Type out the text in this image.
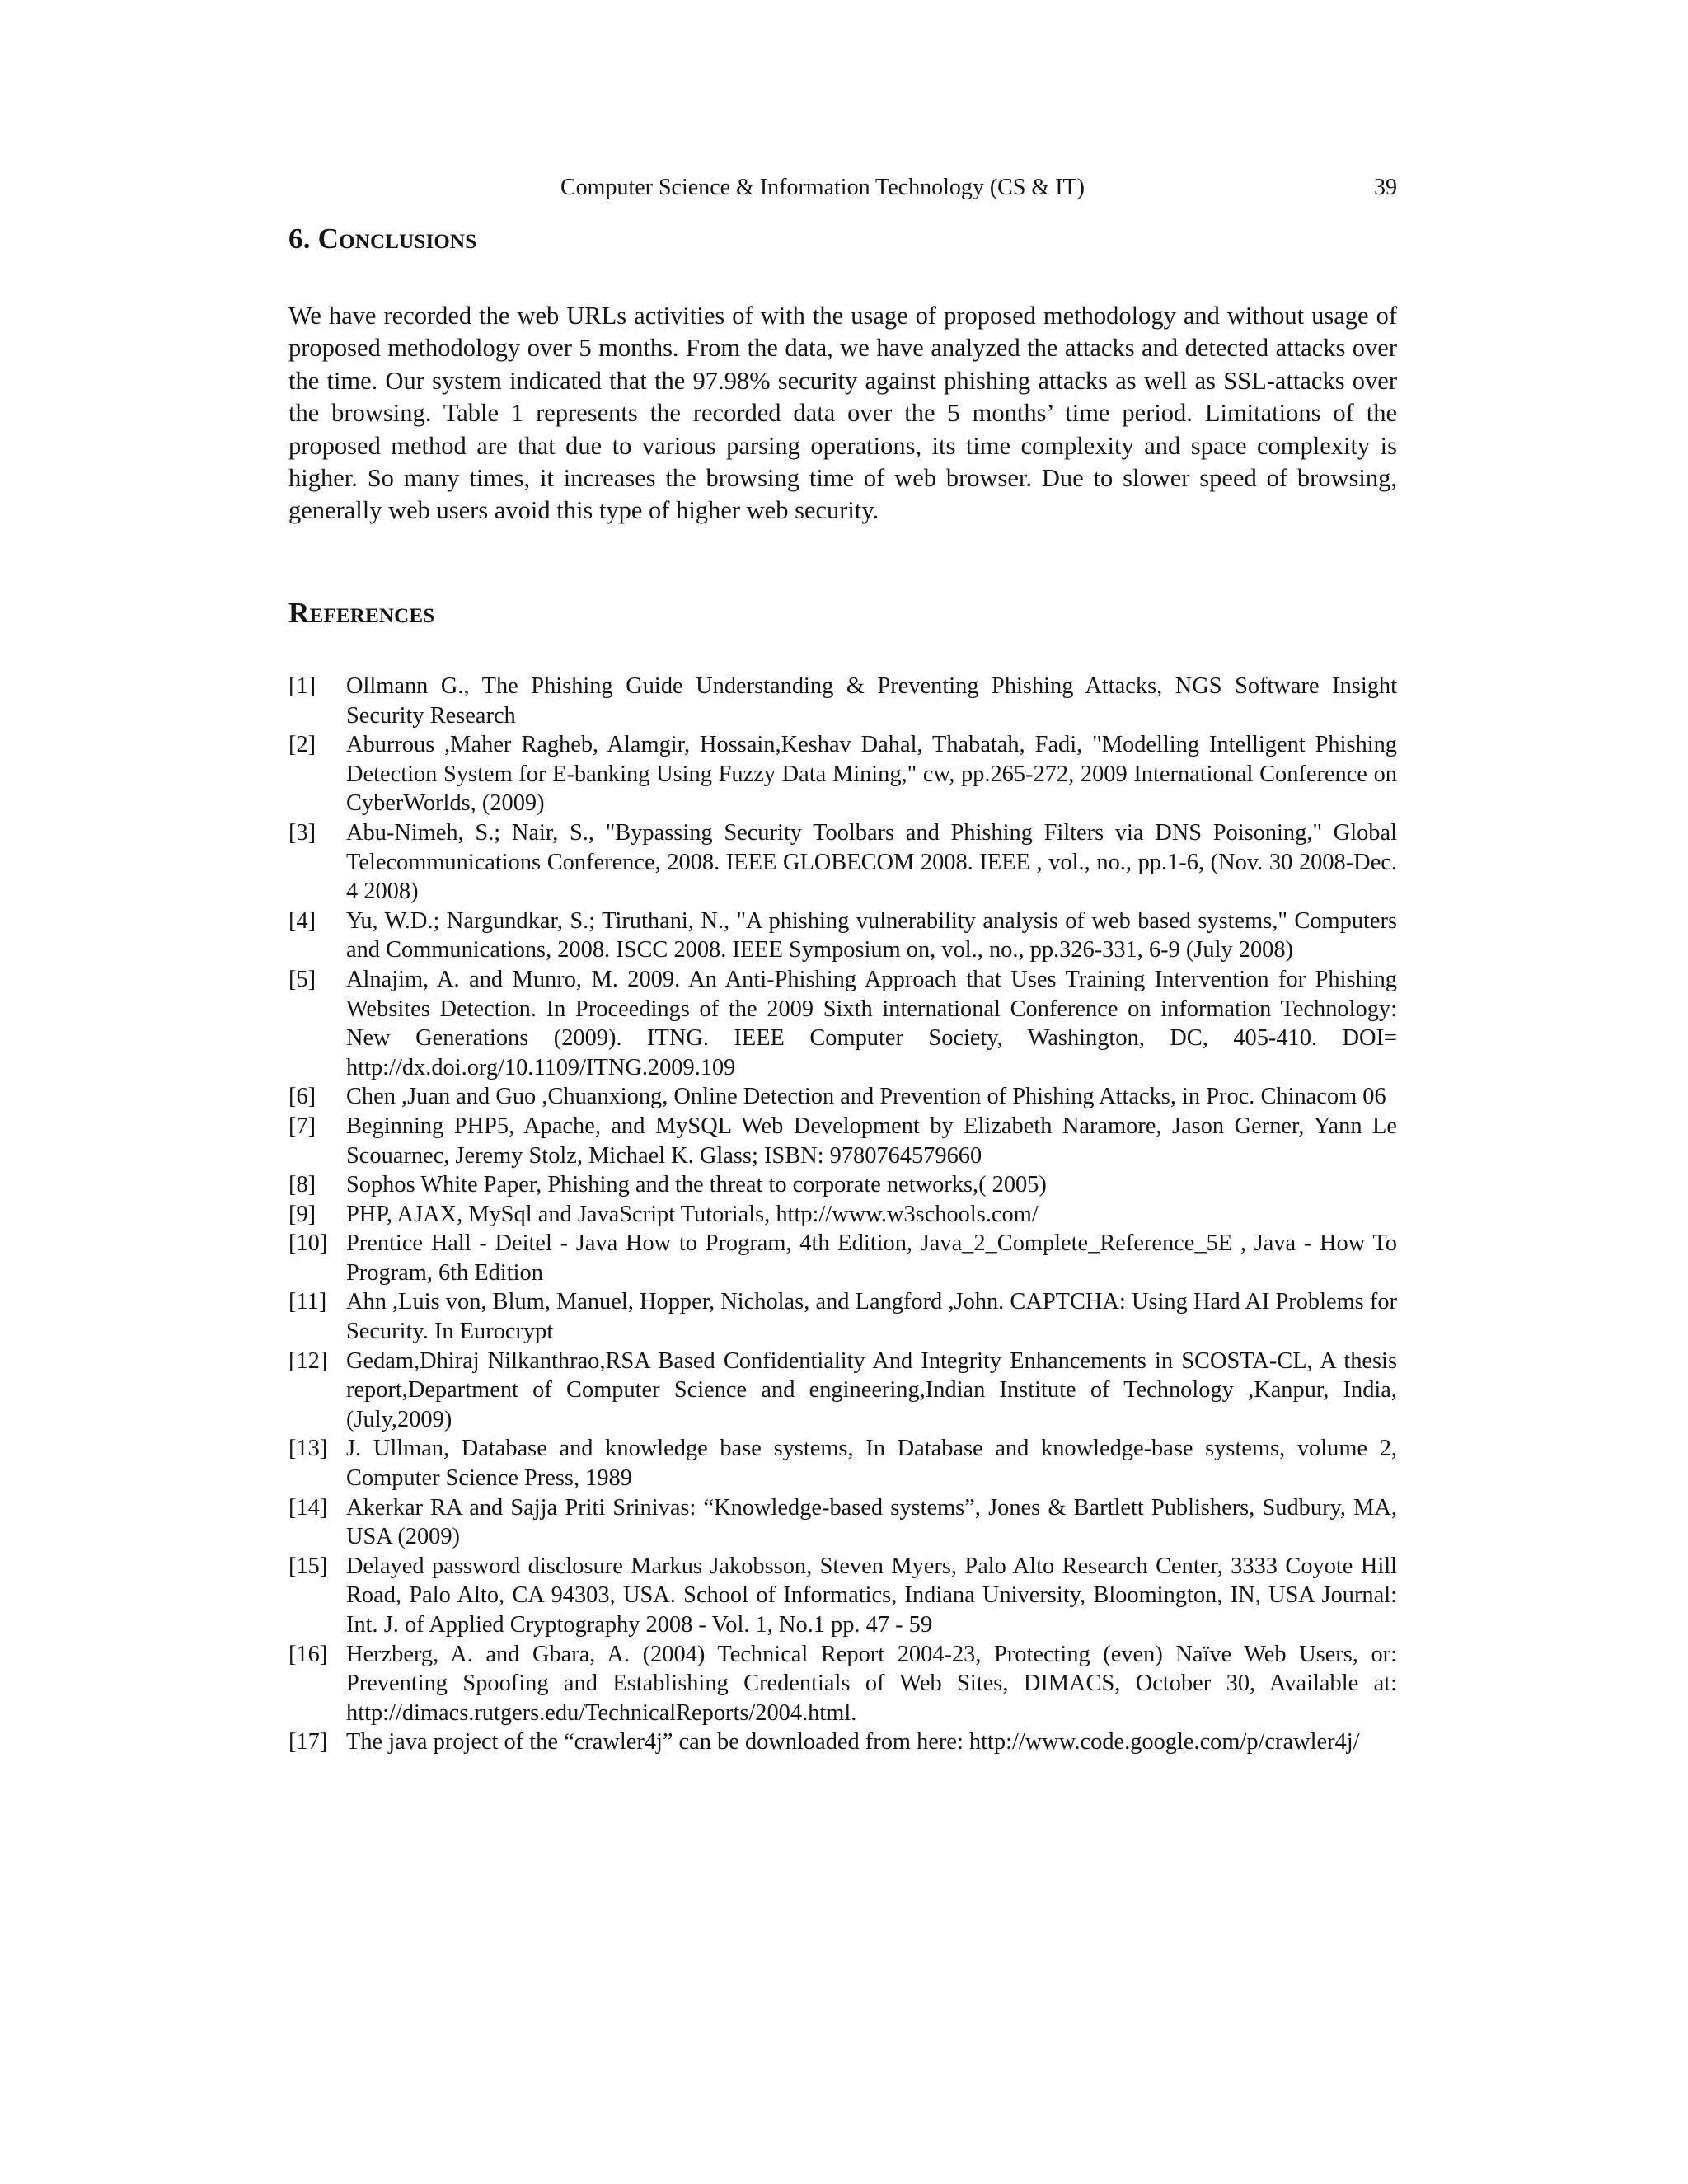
Computer Science & Information Technology (CS & IT)	39
6. Conclusions

We have recorded the web URLs activities of with the usage of proposed methodology and without usage of proposed methodology over 5 months. From the data, we have analyzed the attacks and detected attacks over the time. Our system indicated that the 97.98% security against phishing attacks as well as SSL-attacks over the browsing. Table 1 represents the recorded data over the 5 months’ time period. Limitations of the proposed method are that due to various parsing operations, its time complexity and space complexity is higher. So many times, it increases the browsing time of web browser. Due to slower speed of browsing, generally web users avoid this type of higher web security.

References
[1] Ollmann G., The Phishing Guide Understanding & Preventing Phishing Attacks, NGS Software Insight Security Research
[2] Aburrous ,Maher Ragheb, Alamgir, Hossain,Keshav Dahal, Thabatah, Fadi, "Modelling Intelligent Phishing Detection System for E-banking Using Fuzzy Data Mining," cw, pp.265-272, 2009 International Conference on CyberWorlds, (2009)
[3] Abu-Nimeh, S.; Nair, S., "Bypassing Security Toolbars and Phishing Filters via DNS Poisoning," Global Telecommunications Conference, 2008. IEEE GLOBECOM 2008. IEEE , vol., no., pp.1-6, (Nov. 30 2008-Dec. 4 2008)
[4] Yu, W.D.; Nargundkar, S.; Tiruthani, N., "A phishing vulnerability analysis of web based systems," Computers and Communications, 2008. ISCC 2008. IEEE Symposium on, vol., no., pp.326-331, 6-9 (July 2008)
[5] Alnajim, A. and Munro, M. 2009. An Anti-Phishing Approach that Uses Training Intervention for Phishing Websites Detection. In Proceedings of the 2009 Sixth international Conference on information Technology: New Generations (2009). ITNG. IEEE Computer Society, Washington, DC, 405-410. DOI= http://dx.doi.org/10.1109/ITNG.2009.109
[6] Chen ,Juan and Guo ,Chuanxiong, Online Detection and Prevention of Phishing Attacks, in Proc. Chinacom 06
[7] Beginning PHP5, Apache, and MySQL Web Development by Elizabeth Naramore, Jason Gerner, Yann Le Scouarnec, Jeremy Stolz, Michael K. Glass; ISBN: 9780764579660
[8] Sophos White Paper, Phishing and the threat to corporate networks,( 2005)
[9] PHP, AJAX, MySql and JavaScript Tutorials, http://www.w3schools.com/
[10] Prentice Hall - Deitel - Java How to Program, 4th Edition, Java_2_Complete_Reference_5E , Java - How To Program, 6th Edition
[11] Ahn ,Luis von, Blum, Manuel, Hopper, Nicholas, and Langford ,John. CAPTCHA: Using Hard AI Problems for Security. In Eurocrypt
[12] Gedam,Dhiraj Nilkanthrao,RSA Based Confidentiality And Integrity Enhancements in SCOSTA-CL, A thesis report,Department of Computer Science and engineering,Indian Institute of Technology ,Kanpur, India, (July,2009)
[13] J. Ullman, Database and knowledge base systems, In Database and knowledge-base systems, volume 2, Computer Science Press, 1989
[14] Akerkar RA and Sajja Priti Srinivas: “Knowledge-based systems”, Jones & Bartlett Publishers, Sudbury, MA, USA (2009)
[15] Delayed password disclosure Markus Jakobsson, Steven Myers, Palo Alto Research Center, 3333 Coyote Hill Road, Palo Alto, CA 94303, USA. School of Informatics, Indiana University, Bloomington, IN, USA Journal: Int. J. of Applied Cryptography 2008 - Vol. 1, No.1 pp. 47 - 59
[16] Herzberg, A. and Gbara, A. (2004) Technical Report 2004-23, Protecting (even) Naïve Web Users, or: Preventing Spoofing and Establishing Credentials of Web Sites, DIMACS, October 30, Available at: http://dimacs.rutgers.edu/TechnicalReports/2004.html.
[17] The java project of the “crawler4j” can be downloaded from here: http://www.code.google.com/p/crawler4j/
